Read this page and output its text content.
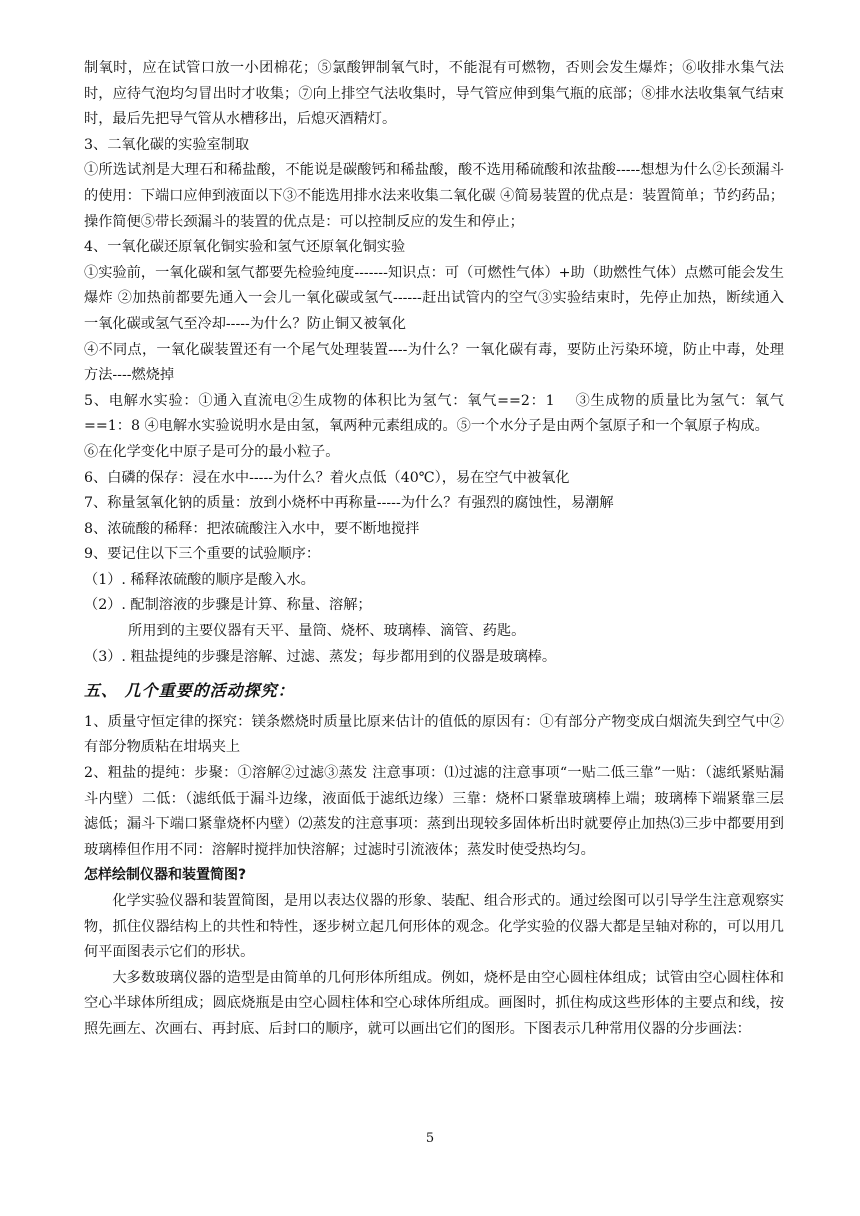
制氧时，应在试管口放一小团棉花；⑤氯酸钾制氧气时，不能混有可燃物，否则会发生爆炸；⑥收排水集气法时，应待气泡均匀冒出时才收集；⑦向上排空气法收集时，导气管应伸到集气瓶的底部；⑧排水法收集氧气结束时，最后先把导气管从水槽移出，后熄灭酒精灯。

3、二氧化碳的实验室制取

①所选试剂是大理石和稀盐酸，不能说是碳酸钙和稀盐酸，酸不选用稀硫酸和浓盐酸-----想想为什么②长颈漏斗的使用：下端口应伸到液面以下③不能选用排水法来收集二氧化碳 ④简易装置的优点是：装置简单；节约药品；操作简便⑤带长颈漏斗的装置的优点是：可以控制反应的发生和停止；

4、一氧化碳还原氧化铜实验和氢气还原氧化铜实验

①实验前，一氧化碳和氢气都要先检验纯度-------知识点：可（可燃性气体）+助（助燃性气体）点燃可能会发生爆炸 ②加热前都要先通入一会儿一氧化碳或氢气------赶出试管内的空气③实验结束时，先停止加热，断续通入一氧化碳或氢气至冷却-----为什么？防止铜又被氧化

④不同点，一氧化碳装置还有一个尾气处理装置----为什么？一氧化碳有毒，要防止污染环境，防止中毒，处理方法----燃烧掉

5、电解水实验：①通入直流电②生成物的体积比为氢气：氧气==2：1　 ③生成物的质量比为氢气：氧气==1：8 ④电解水实验说明水是由氢，氧两种元素组成的。⑤一个水分子是由两个氢原子和一个氧原子构成。

⑥在化学变化中原子是可分的最小粒子。

6、白磷的保存：浸在水中-----为什么？着火点低（40℃），易在空气中被氧化

7、称量氢氧化钠的质量：放到小烧杯中再称量-----为什么？有强烈的腐蚀性，易潮解

8、浓硫酸的稀释：把浓硫酸注入水中，要不断地搅拌

9、要记住以下三个重要的试验顺序：

（1）. 稀释浓硫酸的顺序是酸入水。

（2）. 配制溶液的步骤是计算、称量、溶解；

所用到的主要仪器有天平、量筒、烧杯、玻璃棒、滴管、药匙。

（3）. 粗盐提纯的步骤是溶解、过滤、蒸发；每步都用到的仪器是玻璃棒。

五、 几个重要的活动探究：

1、质量守恒定律的探究：镁条燃烧时质量比原来估计的值低的原因有：①有部分产物变成白烟流失到空气中②有部分物质粘在坩埚夹上

2、粗盐的提纯：步聚：①溶解②过滤③蒸发 注意事项：⑴过滤的注意事项“一贴二低三靠”一贴：（滤纸紧贴漏斗内壁）二低：（滤纸低于漏斗边缘，液面低于滤纸边缘）三靠：烧杯口紧靠玻璃棒上端；玻璃棒下端紧靠三层滤低；漏斗下端口紧靠烧杯内壁）⑵蒸发的注意事项：蒸到出现较多固体析出时就要停止加热⑶三步中都要用到玻璃棒但作用不同：溶解时搅拌加快溶解；过滤时引流液体；蒸发时使受热均匀。

怎样绘制仪器和装置简图?

化学实验仪器和装置简图，是用以表达仪器的形象、装配、组合形式的。通过绘图可以引导学生注意观察实物，抓住仪器结构上的共性和特性，逐步树立起几何形体的观念。化学实验的仪器大都是呈轴对称的，可以用几何平面图表示它们的形状。

大多数玻璃仪器的造型是由简单的几何形体所组成。例如，烧杯是由空心圆柱体组成；试管由空心圆柱体和空心半球体所组成；圆底烧瓶是由空心圆柱体和空心球体所组成。画图时，抓住构成这些形体的主要点和线，按照先画左、次画右、再封底、后封口的顺序，就可以画出它们的图形。下图表示几种常用仪器的分步画法：

5
